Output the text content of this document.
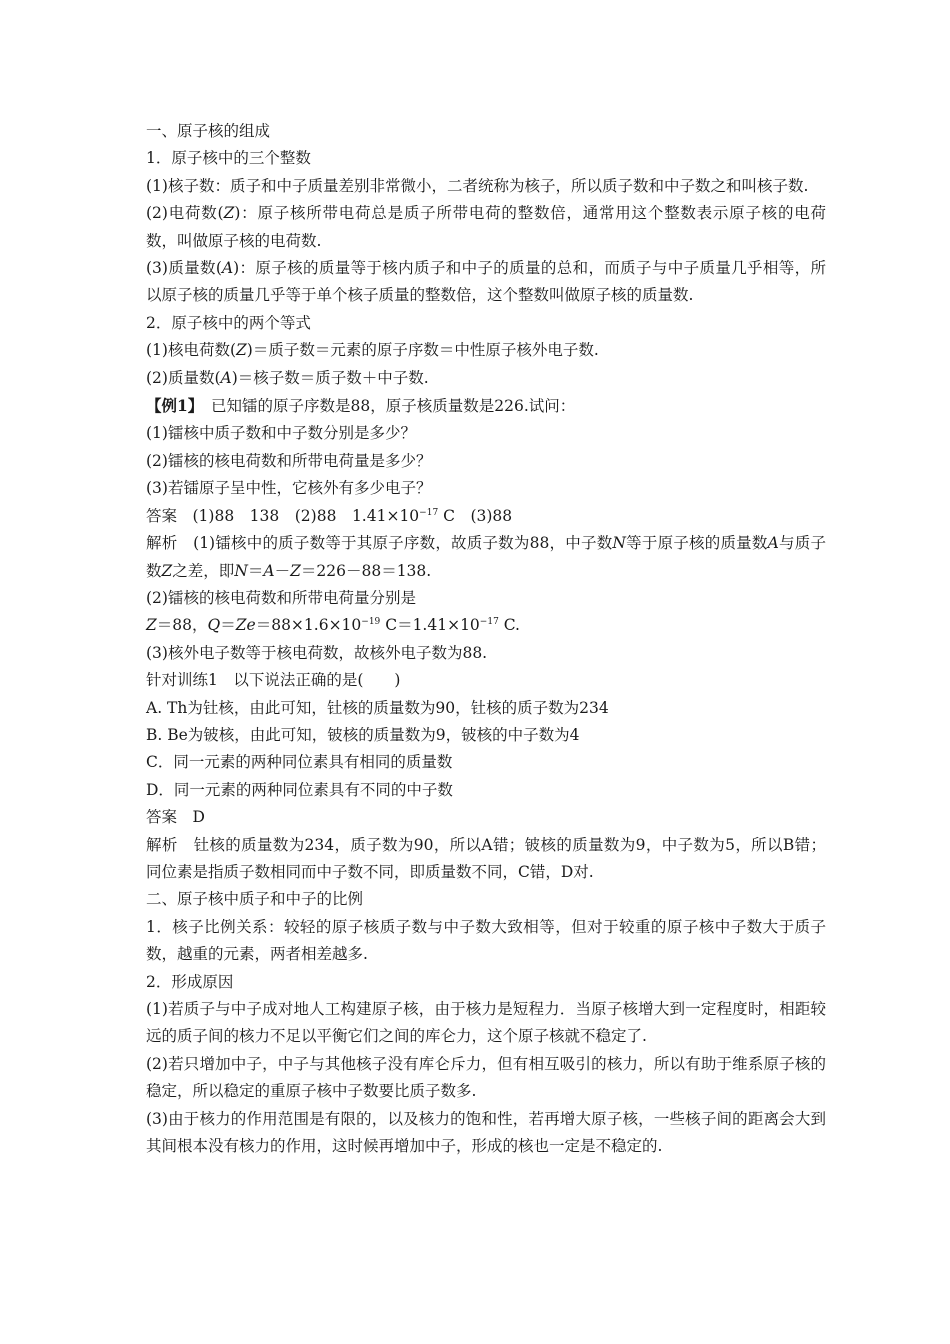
一、原子核的组成

1．原子核中的三个整数

(1)核子数：质子和中子质量差别非常微小，二者统称为核子，所以质子数和中子数之和叫核子数.

(2)电荷数(Z)：原子核所带电荷总是质子所带电荷的整数倍，通常用这个整数表示原子核的电荷数，叫做原子核的电荷数.

(3)质量数(A)：原子核的质量等于核内质子和中子的质量的总和，而质子与中子质量几乎相等，所以原子核的质量几乎等于单个核子质量的整数倍，这个整数叫做原子核的质量数.

2．原子核中的两个等式

(1)核电荷数(Z)＝质子数＝元素的原子序数＝中性原子核外电子数.

(2)质量数(A)＝核子数＝质子数＋中子数.

【例1】　已知镭的原子序数是88，原子核质量数是226.试问：

(1)镭核中质子数和中子数分别是多少？

(2)镭核的核电荷数和所带电荷量是多少？

(3)若镭原子呈中性，它核外有多少电子？

答案　(1)88　138　(2)88　$1.41\times 10^{-17}$ C　(3)88

解析　(1)镭核中的质子数等于其原子序数，故质子数为88，中子数N等于原子核的质量数A与质子数Z之差，即N＝A－Z＝226－88＝138.

(2)镭核的核电荷数和所带电荷量分别是

Z＝88，$Q=Ze=88\times 1.6\times 10^{-19}$ $C=1.41\times 10^{-17}$ C.

(3)核外电子数等于核电荷数，故核外电子数为88.

针对训练1　以下说法正确的是(　　)

A. Th为钍核，由此可知，钍核的质量数为90，钍核的质子数为234

B. Be为铍核，由此可知，铍核的质量数为9，铍核的中子数为4

C．同一元素的两种同位素具有相同的质量数

D．同一元素的两种同位素具有不同的中子数

答案　D

解析　钍核的质量数为234，质子数为90，所以A错；铍核的质量数为9，中子数为5，所以B错；同位素是指质子数相同而中子数不同，即质量数不同，C错，D对.

二、原子核中质子和中子的比例

1．核子比例关系：较轻的原子核质子数与中子数大致相等，但对于较重的原子核中子数大于质子数，越重的元素，两者相差越多.

2．形成原因

(1)若质子与中子成对地人工构建原子核，由于核力是短程力．当原子核增大到一定程度时，相距较远的质子间的核力不足以平衡它们之间的库仑力，这个原子核就不稳定了.

(2)若只增加中子，中子与其他核子没有库仑斥力，但有相互吸引的核力，所以有助于维系原子核的稳定，所以稳定的重原子核中子数要比质子数多.

(3)由于核力的作用范围是有限的，以及核力的饱和性，若再增大原子核，一些核子间的距离会大到其间根本没有核力的作用，这时候再增加中子，形成的核也一定是不稳定的.
